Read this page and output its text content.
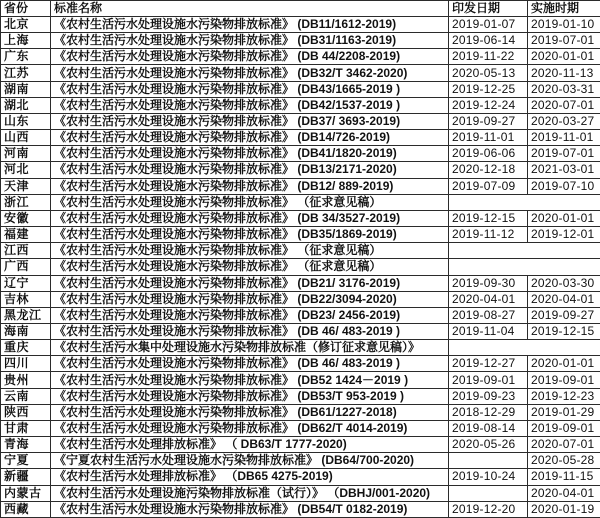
省份	标准名称	印发日期	实施时期
北京	《农村生活污水处理设施水污染物排放标准》 (DB11/1612-2019)	2019-01-07	2019-01-10
上海	《农村生活污水处理设施水污染物排放标准》 (DB31/1163-2019)	2019-06-14	2019-07-01
广东	《农村生活污水处理设施水污染物排放标准》 (DB 44/2208-2019)	2019-11-22	2020-01-01
江苏	《农村生活污水处理设施水污染物排放标准》 (DB32/T 3462-2020)	2020-05-13	2020-11-13
湖南	《农村生活污水处理设施水污染物排放标准》 (DB43/1665-2019 )	2019-12-25	2020-03-31
湖北	《农村生活污水处理设施水污染物排放标准》 (DB42/1537-2019 )	2019-12-24	2020-07-01
山东	《农村生活污水处理设施水污染物排放标准》 (DB37/ 3693-2019)	2019-09-27	2020-03-27
山西	《农村生活污水处理设施水污染物排放标准》 (DB14/726-2019)	2019-11-01	2019-11-01
河南	《农村生活污水处理设施水污染物排放标准》 (DB41/1820-2019)	2019-06-06	2019-07-01
河北	《农村生活污水处理设施水污染物排放标准》 (DB13/2171-2020)	2020-12-18	2021-03-01
天津	《农村生活污水处理设施水污染物排放标准》 (DB12/ 889-2019)	2019-07-09	2019-07-10
浙江	《农村生活污水处理设施水污染物排放标准》 （征求意见稿）		
安徽	《农村生活污水处理设施水污染物排放标准》 (DB 34/3527-2019)	2019-12-15	2020-01-01
福建	《农村生活污水处理设施水污染物排放标准》 (DB35/1869-2019)	2019-11-12	2019-12-01
江西	《农村生活污水处理设施水污染物排放标准》 （征求意见稿）		
广西	《农村生活污水处理设施水污染物排放标准》 （征求意见稿）		
辽宁	《农村生活污水处理设施水污染物排放标准》 (DB21/ 3176-2019)	2019-09-30	2020-03-30
吉林	《农村生活污水处理设施水污染物排放标准》 (DB22/3094-2020)	2020-04-01	2020-04-01
黑龙江	《农村生活污水处理设施水污染物排放标准》 (DB23/ 2456-2019)	2019-08-27	2019-09-27
海南	《农村生活污水处理设施水污染物排放标准》 (DB 46/ 483-2019 )	2019-11-04	2019-12-15
重庆	《农村生活污水集中处理设施水污染物排放标准（修订征求意见稿）》		
四川	《农村生活污水处理设施水污染物排放标准》 (DB 46/ 483-2019 )	2019-12-27	2020-01-01
贵州	《农村生活污水处理设施水污染物排放标准》 (DB52 1424－2019 )	2019-09-01	2019-09-01
云南	《农村生活污水处理设施水污染物排放标准》 (DB53/T 953-2019 )	2019-09-23	2019-12-23
陕西	《农村生活污水处理设施水污染物排放标准》 (DB61/1227-2018)	2018-12-29	2019-01-29
甘肃	《农村生活污水处理设施水污染物排放标准》 (DB62/T 4014-2019)	2019-08-14	2019-09-01
青海	《农村生活污水处理排放标准》 （ DB63/T 1777-2020)	2020-05-26	2020-07-01
宁夏	《宁夏农村生活污水处理设施水污染物排放标准》 (DB64/700-2020)		2020-05-28
新疆	《农村生活污水处理排放标准》 （DB65 4275-2019)	2019-10-24	2019-11-15
内蒙古	《农村生活污水处理设施污染物排放标准（试行）》 （DBHJ/001-2020)		2020-04-01
西藏	《农村生活污水处理设施水污染物排放标准》 (DB54/T 0182-2019)	2019-12-20	2020-01-19
